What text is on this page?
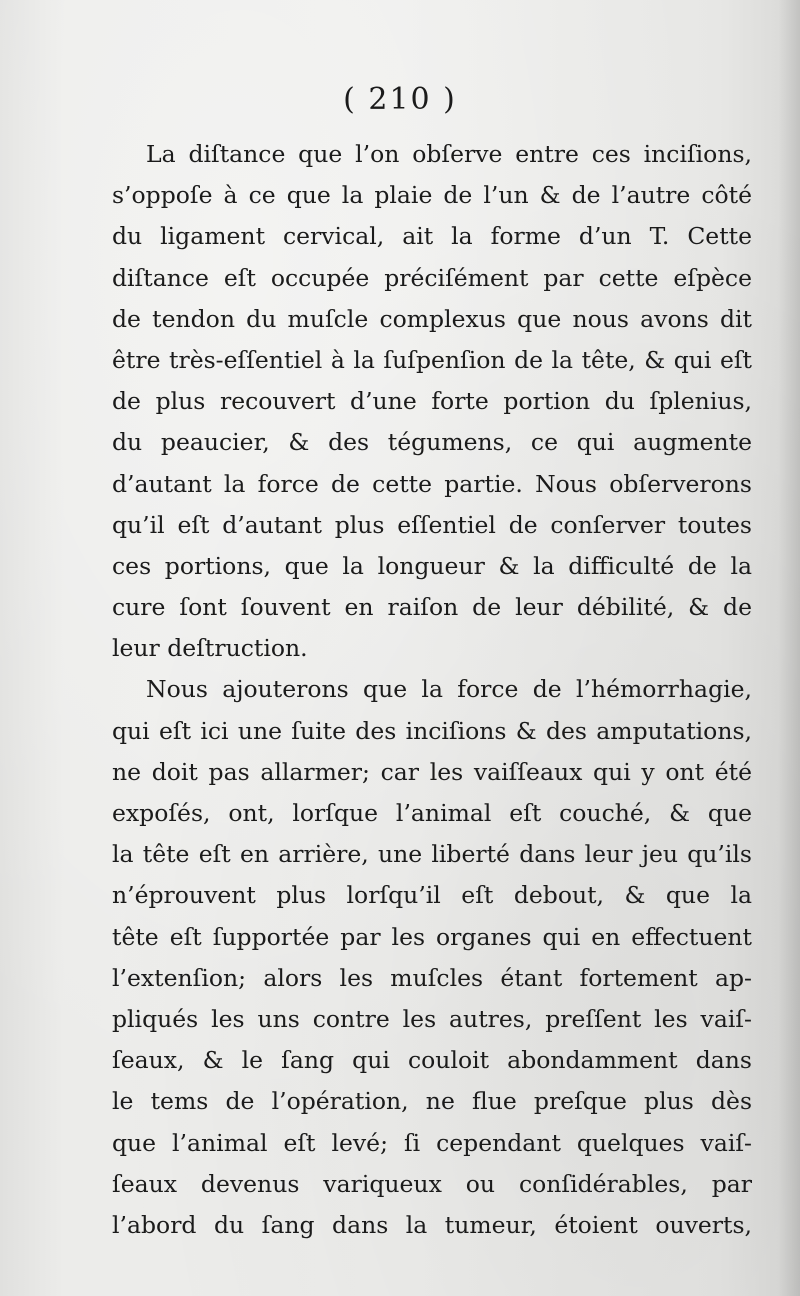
( 210 )
La diſtance que l’on obſerve entre ces inciſions,
s’oppoſe à ce que la plaie de l’un & de l’autre côté
du ligament cervical, ait la forme d’un T. Cette
diſtance eſt occupée préciſément par cette eſpèce
de tendon du muſcle complexus que nous avons dit
être très-eſſentiel à la ſuſpenſion de la tête, & qui eſt
de plus recouvert d’une forte portion du ſplenius,
du peaucier, & des tégumens, ce qui augmente
d’autant la force de cette partie. Nous obſerverons
qu’il eſt d’autant plus eſſentiel de conſerver toutes
ces portions, que la longueur & la difficulté de la
cure ſont ſouvent en raiſon de leur débilité, & de
leur deſtruction.
Nous ajouterons que la force de l’hémorrhagie,
qui eſt ici une ſuite des inciſions & des amputations,
ne doit pas allarmer; car les vaiſſeaux qui y ont été
expoſés, ont, lorſque l’animal eſt couché, & que
la tête eſt en arrière, une liberté dans leur jeu qu’ils
n’éprouvent plus lorſqu’il eſt debout, & que la
tête eſt ſupportée par les organes qui en effectuent
l’extenſion; alors les muſcles étant fortement ap-
pliqués les uns contre les autres, preſſent les vaiſ-
ſeaux, & le ſang qui couloit abondamment dans
le tems de l’opération, ne flue preſque plus dès
que l’animal eſt levé; ſi cependant quelques vaiſ-
ſeaux devenus variqueux ou conſidérables, par
l’abord du ſang dans la tumeur, étoient ouverts,
